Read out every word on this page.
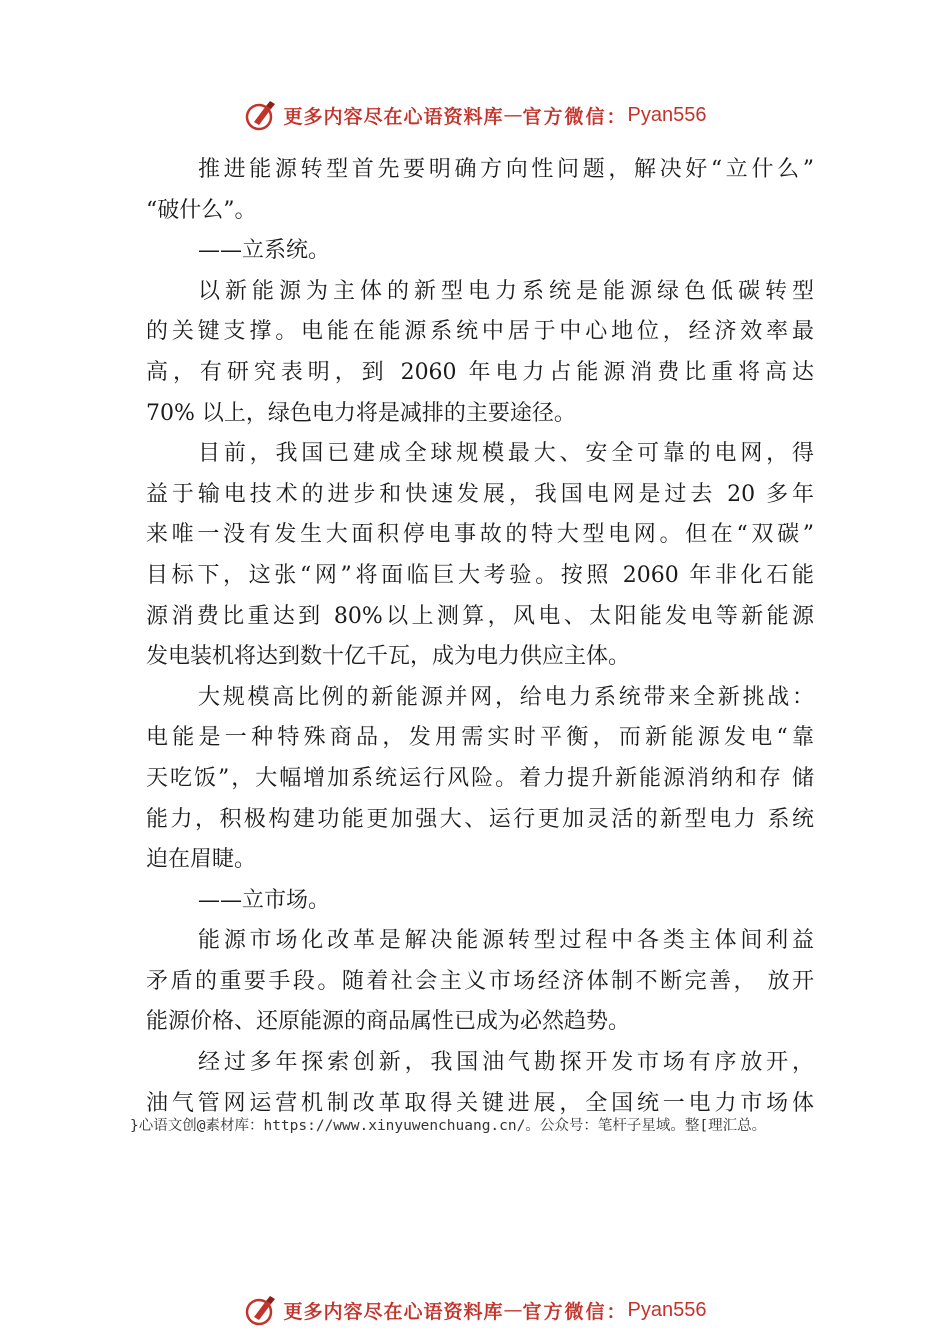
更多内容尽在心语资料库 — 官方微信： Pyan556
推进能源转型首先要明确方向性问题，解决好“立什么”
“破什么”。
——立系统。
以新能源为主体的新型电力系统是能源绿色低碳转型
的关键支撑。电能在能源系统中居于中心地位，经济效率最
高，有研究表明，到 2060 年电力占能源消费比重将高达
70% 以上，绿色电力将是减排的主要途径。
目前，我国已建成全球规模最大、安全可靠的电网，得
益于输电技术的进步和快速发展，我国电网是过去 20 多年
来唯一没有发生大面积停电事故的特大型电网。但在“双碳”
目标下，这张“网”将面临巨大考验。按照 2060 年非化石能
源消费比重达到 80%以上测算，风电、太阳能发电等新能源
发电装机将达到数十亿千瓦，成为电力供应主体。
大规模高比例的新能源并网，给电力系统带来全新挑战：
电能是一种特殊商品，发用需实时平衡，而新能源发电“靠
天吃饭”，大幅增加系统运行风险。着力提升新能源消纳和存 储
能力，积极构建功能更加强大、运行更加灵活的新型电力 系统
迫在眉睫。
——立市场。
能源市场化改革是解决能源转型过程中各类主体间利益
矛盾的重要手段。随着社会主义市场经济体制不断完善， 放开
能源价格、还原能源的商品属性已成为必然趋势。
经过多年探索创新，我国油气勘探开发市场有序放开，
油气管网运营机制改革取得关键进展，全国统一电力市场体
}心语文创@素材库：https://www.xinyuwenchuang.cn/。公众号：笔杆子星域。整[理汇总。
更多内容尽在心语资料库 — 官方微信： Pyan556
